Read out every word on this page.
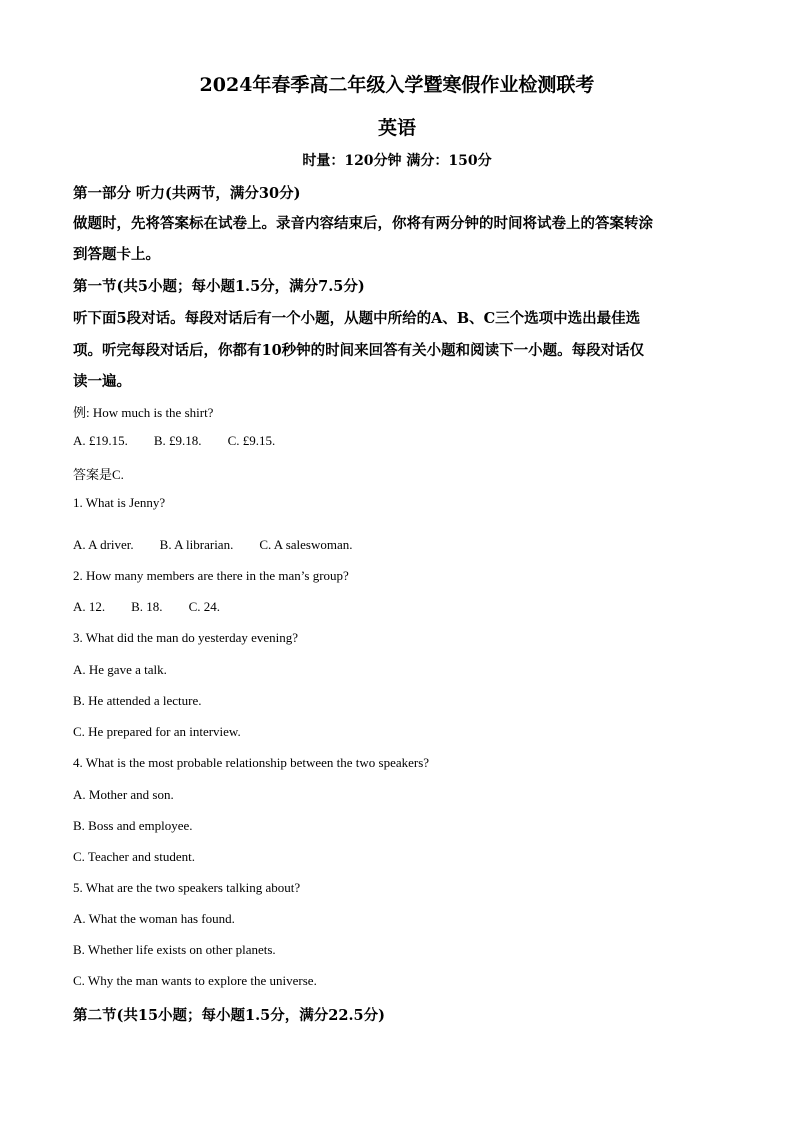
2024年春季高二年级入学暨寒假作业检测联考
英语
时量：120分钟 满分：150分
第一部分 听力(共两节，满分30分)
做题时，先将答案标在试卷上。录音内容结束后，你将有两分钟的时间将试卷上的答案转涂
到答题卡上。
第一节(共5小题；每小题1.5分，满分7.5分)
听下面5段对话。每段对话后有一个小题，从题中所给的A、B、C三个选项中选出最佳选
项。听完每段对话后，你都有10秒钟的时间来回答有关小题和阅读下一小题。每段对话仅
读一遍。
例: How much is the shirt?
A. £19.15. B. £9.18. C. £9.15.
答案是C.
1. What is Jenny?
A. A driver. B. A librarian. C. A saleswoman.
2. How many members are there in the man’s group?
A. 12. B. 18. C. 24.
3. What did the man do yesterday evening?
A. He gave a talk.
B. He attended a lecture.
C. He prepared for an interview.
4. What is the most probable relationship between the two speakers?
A. Mother and son.
B. Boss and employee.
C. Teacher and student.
5. What are the two speakers talking about?
A. What the woman has found.
B. Whether life exists on other planets.
C. Why the man wants to explore the universe.
第二节(共15小题；每小题1.5分，满分22.5分)
